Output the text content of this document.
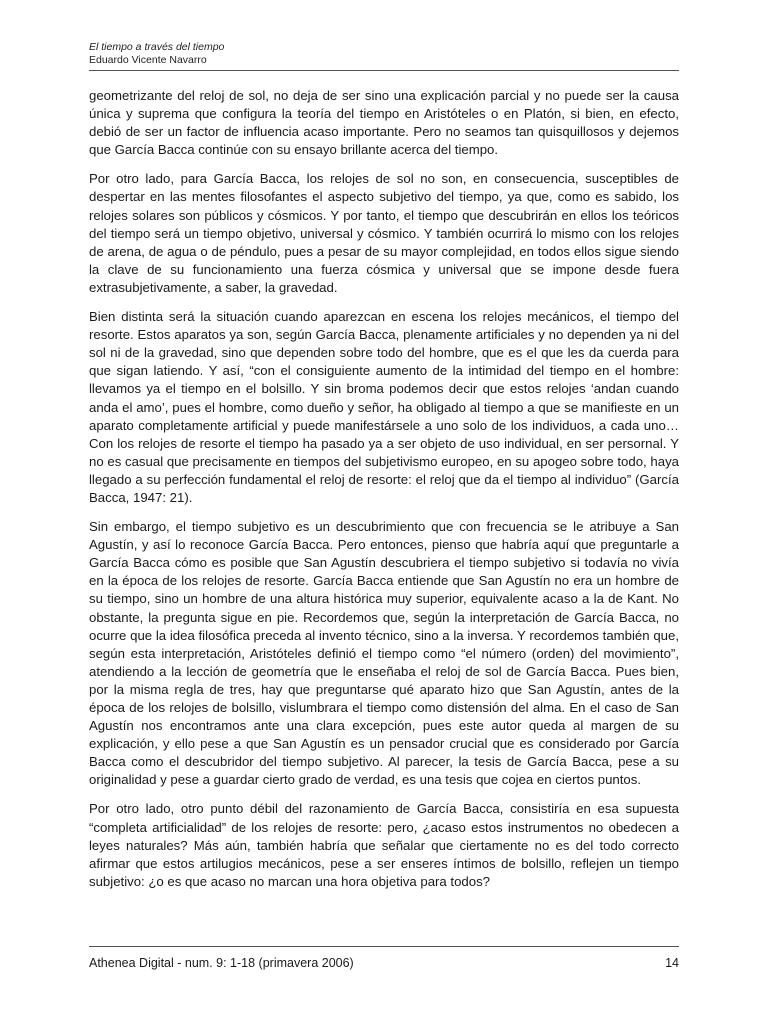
El tiempo a través del tiempo
Eduardo Vicente Navarro

geometrizante del reloj de sol, no deja de ser sino una explicación parcial y no puede ser la causa única y suprema que configura la teoría del tiempo en Aristóteles o en Platón, si bien, en efecto, debió de ser un factor de influencia acaso importante. Pero no seamos tan quisquillosos y dejemos que García Bacca continúe con su ensayo brillante acerca del tiempo.

Por otro lado, para García Bacca, los relojes de sol no son, en consecuencia, susceptibles de despertar en las mentes filosofantes el aspecto subjetivo del tiempo, ya que, como es sabido, los relojes solares son públicos y cósmicos. Y por tanto, el tiempo que descubrirán en ellos los teóricos del tiempo será un tiempo objetivo, universal y cósmico. Y también ocurrirá lo mismo con los relojes de arena, de agua o de péndulo, pues a pesar de su mayor complejidad, en todos ellos sigue siendo la clave de su funcionamiento una fuerza cósmica y universal que se impone desde fuera extrasubjetivamente, a saber, la gravedad.

Bien distinta será la situación cuando aparezcan en escena los relojes mecánicos, el tiempo del resorte. Estos aparatos ya son, según García Bacca, plenamente artificiales y no dependen ya ni del sol ni de la gravedad, sino que dependen sobre todo del hombre, que es el que les da cuerda para que sigan latiendo. Y así, “con el consiguiente aumento de la intimidad del tiempo en el hombre: llevamos ya el tiempo en el bolsillo. Y sin broma podemos decir que estos relojes ‘andan cuando anda el amo’, pues el hombre, como dueño y señor, ha obligado al tiempo a que se manifieste en un aparato completamente artificial y puede manifestársele a uno solo de los individuos, a cada uno… Con los relojes de resorte el tiempo ha pasado ya a ser objeto de uso individual, en ser persornal. Y no es casual que precisamente en tiempos del subjetivismo europeo, en su apogeo sobre todo, haya llegado a su perfección fundamental el reloj de resorte: el reloj que da el tiempo al individuo” (García Bacca, 1947: 21).

Sin embargo, el tiempo subjetivo es un descubrimiento que con frecuencia se le atribuye a San Agustín, y así lo reconoce García Bacca. Pero entonces, pienso que habría aquí que preguntarle a García Bacca cómo es posible que San Agustín descubriera el tiempo subjetivo si todavía no vivía en la época de los relojes de resorte. García Bacca entiende que San Agustín no era un hombre de su tiempo, sino un hombre de una altura histórica muy superior, equivalente acaso a la de Kant. No obstante, la pregunta sigue en pie. Recordemos que, según la interpretación de García Bacca, no ocurre que la idea filosófica preceda al invento técnico, sino a la inversa. Y recordemos también que, según esta interpretación, Aristóteles definió el tiempo como “el número (orden) del movimiento”, atendiendo a la lección de geometría que le enseñaba el reloj de sol de García Bacca. Pues bien, por la misma regla de tres, hay que preguntarse qué aparato hizo que San Agustín, antes de la época de los relojes de bolsillo, vislumbrara el tiempo como distensión del alma. En el caso de San Agustín nos encontramos ante una clara excepción, pues este autor queda al margen de su explicación, y ello pese a que San Agustín es un pensador crucial que es considerado por García Bacca como el descubridor del tiempo subjetivo. Al parecer, la tesis de García Bacca, pese a su originalidad y pese a guardar cierto grado de verdad, es una tesis que cojea en ciertos puntos.

Por otro lado, otro punto débil del razonamiento de García Bacca, consistiría en esa supuesta “completa artificialidad” de los relojes de resorte: pero, ¿acaso estos instrumentos no obedecen a leyes naturales? Más aún, también habría que señalar que ciertamente no es del todo correcto afirmar que estos artilugios mecánicos, pese a ser enseres íntimos de bolsillo, reflejen un tiempo subjetivo: ¿o es que acaso no marcan una hora objetiva para todos?

Athenea Digital - num. 9: 1-18 (primavera 2006)	14
